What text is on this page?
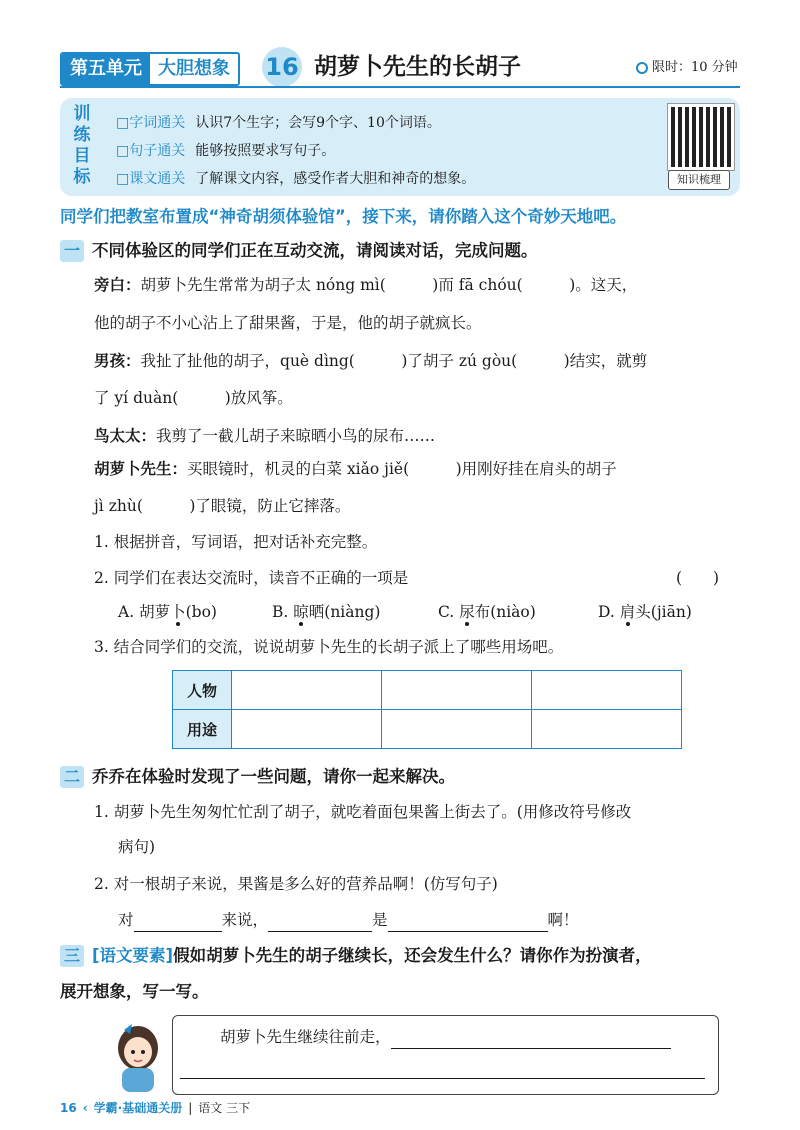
第五单元 大胆想象	16 胡萝卜先生的长胡子	限时：10 分钟
训练目标
□字词通关 认识7个生字；会写9个字、10个词语。
□句子通关 能够按照要求写句子。
□课文通关 了解课文内容，感受作者大胆和神奇的想象。	知识梳理
同学们把教室布置成“神奇胡须体验馆”，接下来，请你踏入这个奇妙天地吧。
一 不同体验区的同学们正在互动交流，请阅读对话，完成问题。
旁白：胡萝卜先生常常为胡子太 nóng mì(　　　)而 fā chóu(　　　)。这天，
他的胡子不小心沾上了甜果酱，于是，他的胡子就疯长。
男孩：我扯了扯他的胡子，què dìng(　　　)了胡子 zú gòu(　　　)结实，就剪
了 yí duàn(　　　)放风筝。
鸟太太：我剪了一截儿胡子来晾晒小鸟的尿布……
胡萝卜先生：买眼镜时，机灵的白菜 xiǎo jiě(　　　)用刚好挂在肩头的胡子
jì zhù(　　　)了眼镜，防止它摔落。
1. 根据拼音，写词语，把对话补充完整。
2. 同学们在表达交流时，读音不正确的一项是	(　　)
A. 胡萝卜(bo)	B. 晾晒(niàng)	C. 尿布(niào)	D. 肩头(jiān)
3. 结合同学们的交流，说说胡萝卜先生的长胡子派上了哪些用场吧。
人物			
用途			
二 乔乔在体验时发现了一些问题，请你一起来解决。
1. 胡萝卜先生匆匆忙忙刮了胡子，就吃着面包果酱上街去了。(用修改符号修改
病句)
2. 对一根胡子来说，果酱是多么好的营养品啊！(仿写句子)
对	来说，	是	啊！
三 [语文要素]假如胡萝卜先生的胡子继续长，还会发生什么？请你作为扮演者，
展开想象，写一写。
胡萝卜先生继续往前走，
16 ‹ 学霸·基础通关册 | 语文 三下
